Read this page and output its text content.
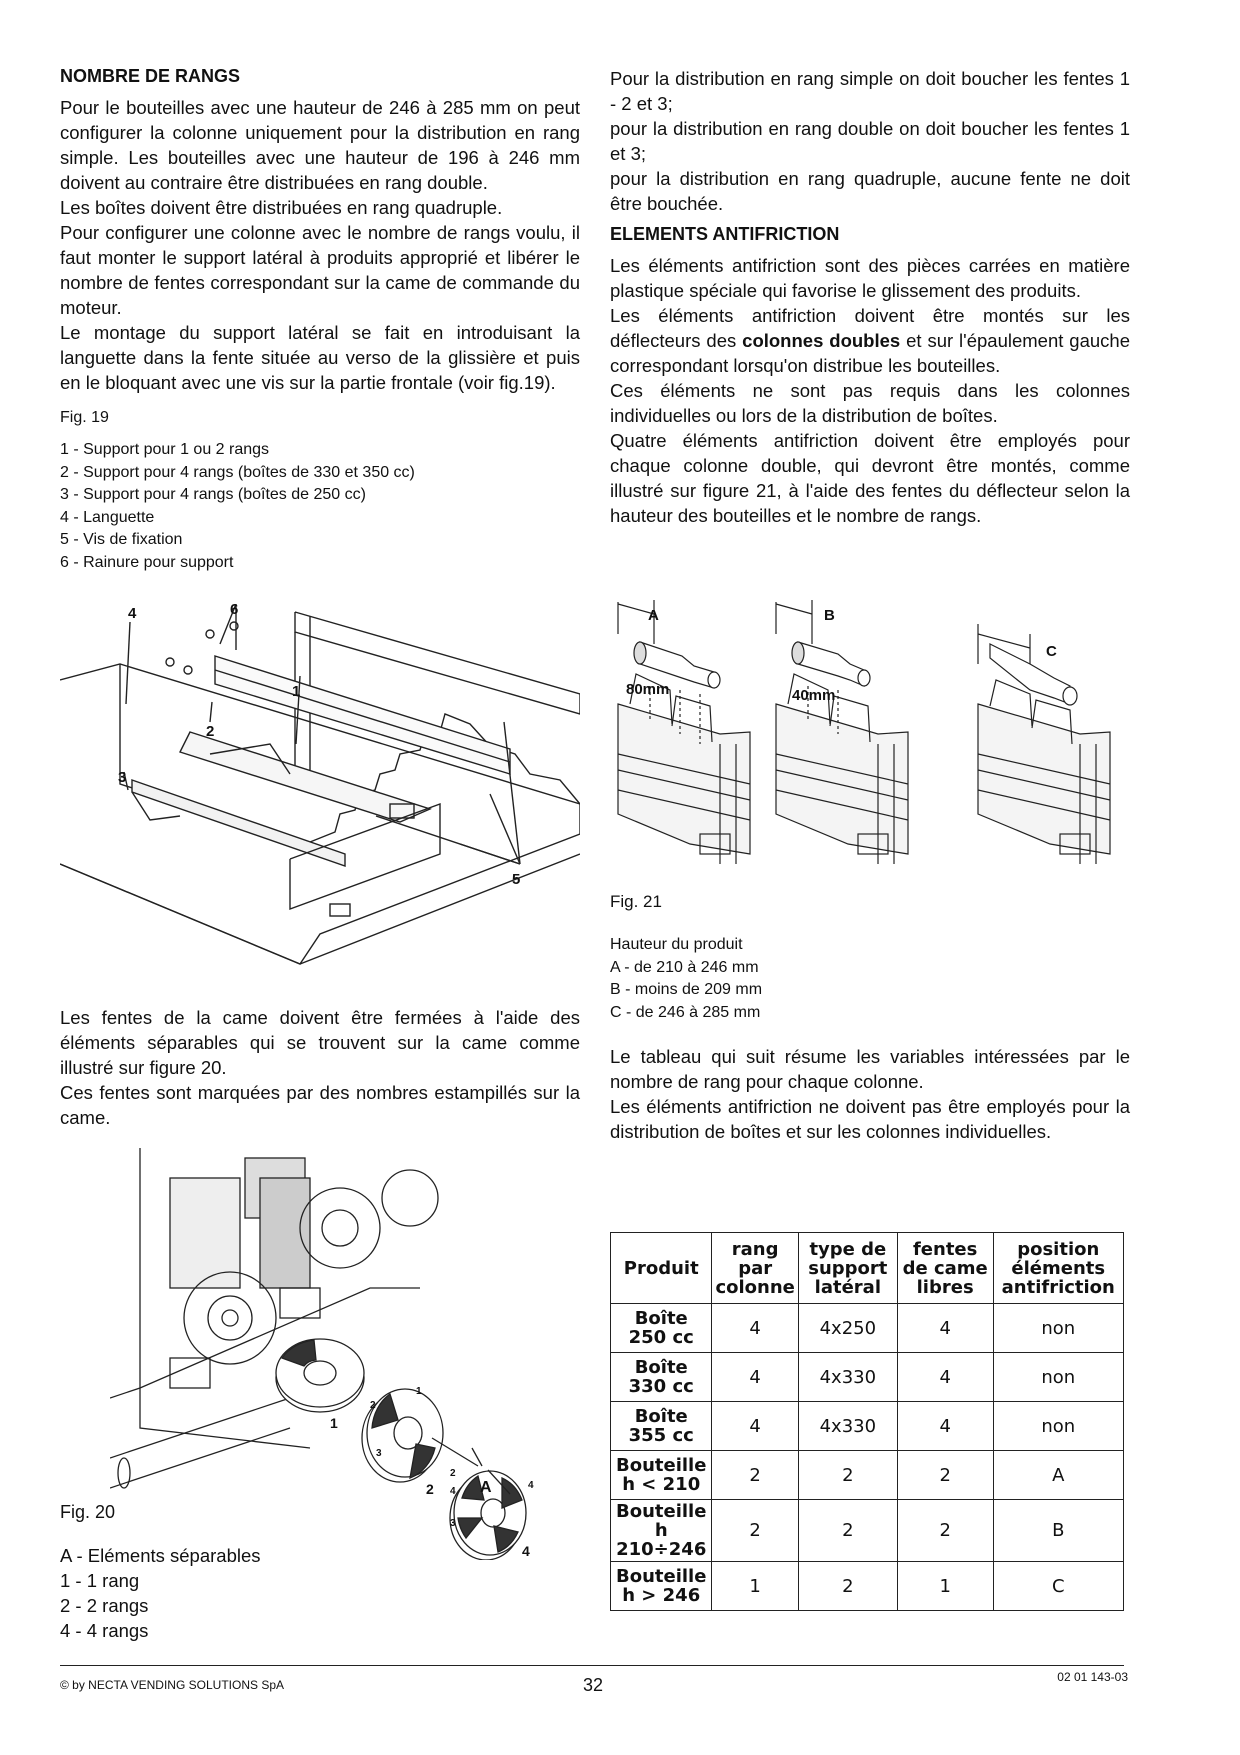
NOMBRE DE RANGS

Pour le bouteilles avec une hauteur de 246 à 285 mm on peut configurer la colonne uniquement pour la distribution en rang simple. Les bouteilles avec une hauteur de 196 à 246 mm doivent au contraire être distribuées en rang double.

Les boîtes doivent être distribuées en rang quadruple.

Pour configurer une colonne avec le nombre de rangs voulu, il faut monter le support latéral à produits approprié et libérer le nombre de fentes correspondant sur la came de commande du moteur.

Le montage du support latéral se fait en introduisant la languette dans la fente située au verso de la glissière et puis en le bloquant avec une vis sur la partie frontale (voir fig.19).

Fig. 19

1 - Support pour 1 ou 2 rangs

2 - Support pour 4 rangs (boîtes de 330 et 350 cc)

3 - Support pour 4 rangs (boîtes de 250 cc)

4 - Languette

5 - Vis de fixation

6 - Rainure pour support

6
4
1
2
3
5

Les fentes de la came doivent être fermées à l'aide des éléments séparables qui se trouvent sur la came comme illustré sur figure 20.

Ces fentes sont marquées par des nombres estampillés sur la came.

1
2	A
4
3
4
2
3
4
1
2

Fig. 20

A - Eléments séparables

1 - 1 rang

2 - 2 rangs

4 - 4 rangs

Pour la distribution en rang simple on doit boucher les fentes 1 - 2 et 3;

pour la distribution en rang double on doit boucher les fentes 1 et 3;

pour la distribution en rang quadruple, aucune fente ne doit être bouchée.

ELEMENTS ANTIFRICTION

Les éléments antifriction sont des pièces carrées en matière plastique spéciale qui favorise le glissement des produits.

Les éléments antifriction doivent être montés sur les déflecteurs des colonnes doubles et sur l'épaulement gauche correspondant lorsqu'on distribue les bouteilles.

Ces éléments ne sont pas requis dans les colonnes individuelles ou lors de la distribution de boîtes.

Quatre éléments antifriction doivent être employés pour chaque colonne double, qui devront être montés, comme illustré sur figure 21, à l'aide des fentes du déflecteur selon la hauteur des bouteilles et le nombre de rangs.

A	B
C
80mm	40mm

Fig. 21

Hauteur du produit

A - de 210 à 246 mm

B - moins de 209 mm

C - de 246 à 285 mm

Le tableau qui suit résume les variables intéressées par le nombre de rang pour chaque colonne.

Les éléments antifriction ne doivent pas être employés pour la distribution de boîtes et sur les colonnes individuelles.

Produit	rang par colonne	type de support latéral	fentes de came libres	position éléments antifriction
Boîte 250 cc	4	4x250	4	non
Boîte 330 cc	4	4x330	4	non
Boîte 355 cc	4	4x330	4	non
Bouteille h < 210	2	2	2	A
Bouteille h 210÷246	2	2	2	B
Bouteille h > 246	1	2	1	C
© by NECTA VENDING SOLUTIONS SpA	32	02 01 143-03
